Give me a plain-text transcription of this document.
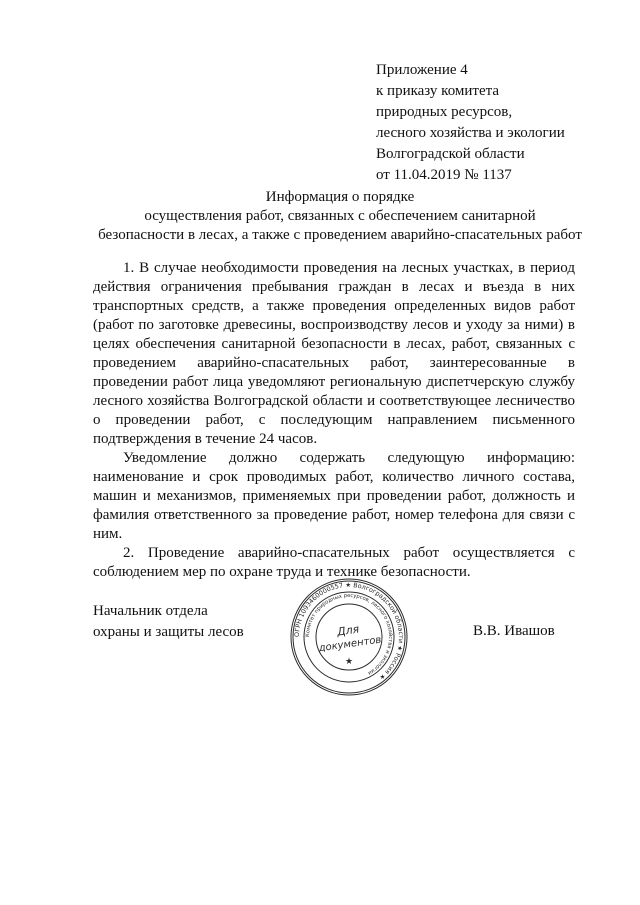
Приложение 4
к приказу комитета
природных ресурсов,
лесного хозяйства и экологии
Волгоградской области
от 11.04.2019 № 1137
Информация о порядке
осуществления работ, связанных с обеспечением санитарной
безопасности в лесах, а также с проведением аварийно-спасательных работ

1. В случае необходимости проведения на лесных участках, в период действия ограничения пребывания граждан в лесах и въезда в них транспортных средств, а также проведения определенных видов работ (работ по заготовке древесины, воспроизводству лесов и уходу за ними) в целях обеспечения санитарной безопасности в лесах, работ, связанных с проведением аварийно-спасательных работ, заинтересованные в проведении работ лица уведомляют региональную диспетчерскую службу лесного хозяйства Волгоградской области и соответствующее лесничество о проведении работ, с последующим направлением письменного подтверждения в течение 24 часов.

Уведомление должно содержать следующую информацию: наименование и срок проводимых работ, количество личного состава, машин и механизмов, применяемых при проведении работ, должность и фамилия ответственного за проведение работ, номер телефона для связи с ним.

2. Проведение аварийно-спасательных работ осуществляется с соблюдением мер по охране труда и технике безопасности.

Начальник отдела
охраны и защиты лесов	ОГРН 1093460000557 ★ Волгоградской области ★ Россия ★
Комитет природных ресурсов, лесного хозяйства и экологии
Для
документов
★
В.В. Ивашов
